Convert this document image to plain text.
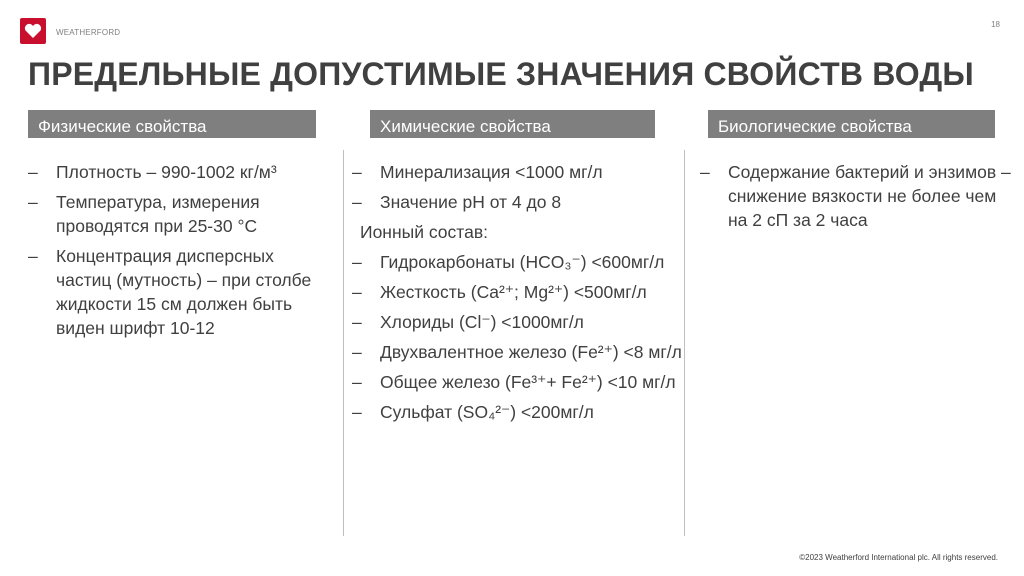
WEATHERFORD
18
ПРЕДЕЛЬНЫЕ ДОПУСТИМЫЕ ЗНАЧЕНИЯ СВОЙСТВ ВОДЫ
Физические свойства
– Плотность – 990-1002 кг/м³
– Температура, измерения проводятся при 25-30 °С
– Концентрация дисперсных частиц (мутность) – при столбе жидкости 15 см должен быть виден шрифт 10-12
Химические свойства
– Минерализация <1000 мг/л
– Значение pH от 4 до 8
Ионный состав:
– Гидрокарбонаты (HCO₃⁻) <600мг/л
– Жесткость (Ca²⁺; Mg²⁺) <500мг/л
– Хлориды (Cl⁻) <1000мг/л
– Двухвалентное железо (Fe²⁺) <8 мг/л
– Общее железо (Fe³⁺+ Fe²⁺) <10 мг/л
– Сульфат (SO₄²⁻) <200мг/л
Биологические свойства
– Содержание бактерий и энзимов – снижение вязкости не более чем на 2 сП за 2 часа
©2023 Weatherford International plc. All rights reserved.
